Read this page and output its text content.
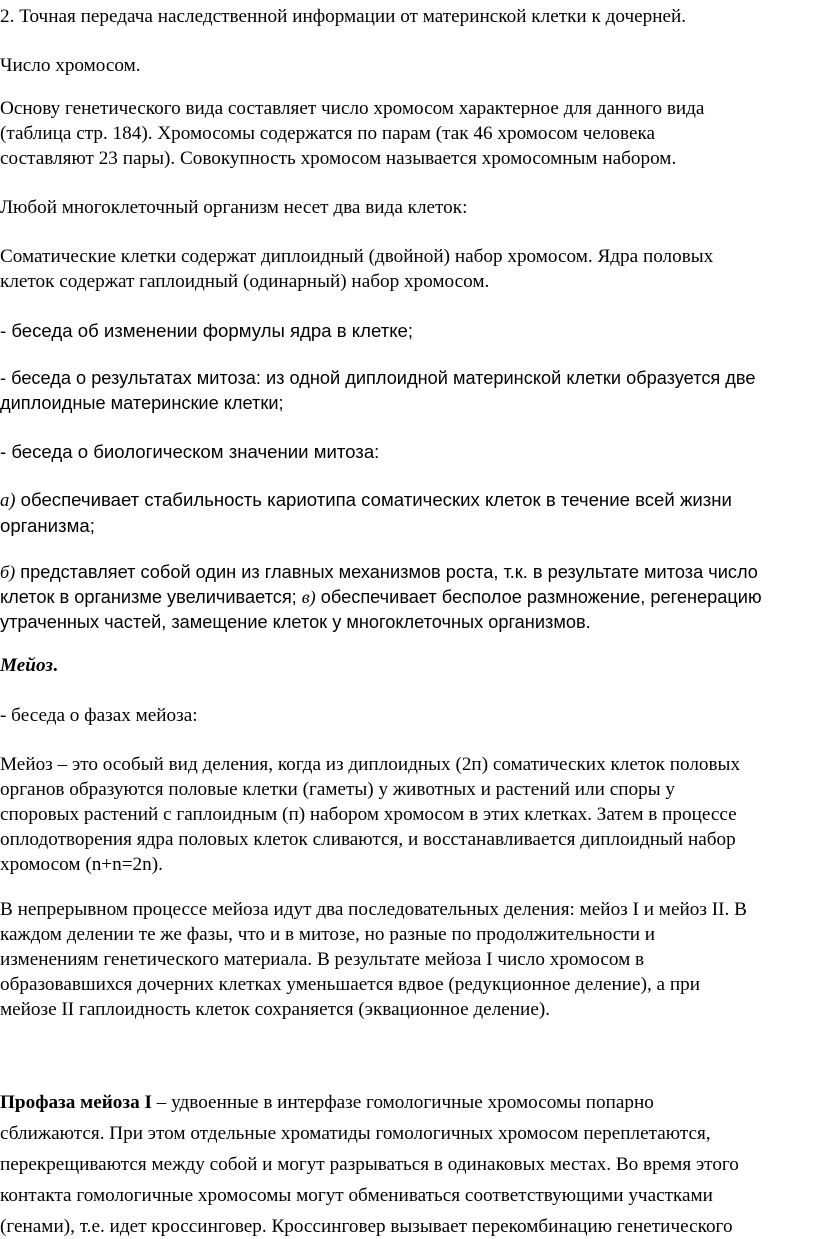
2. Точная передача наследственной информации от материнской клетки к дочерней.

Число хромосом.

Основу генетического вида составляет число хромосом характерное для данного вида
(таблица стр. 184). Хромосомы содержатся по парам (так 46 хромосом человека
составляют 23 пары). Совокупность хромосом называется хромосомным набором.

Любой многоклеточный организм несет два вида клеток:

Соматические клетки содержат диплоидный (двойной) набор хромосом. Ядра половых
клеток содержат гаплоидный (одинарный) набор хромосом.

- беседа об изменении формулы ядра в клетке;

- беседа о результатах митоза: из одной диплоидной материнской клетки образуется две
диплоидные материнские клетки;

- беседа о биологическом значении митоза:

а) обеспечивает стабильность кариотипа соматических клеток в течение всей жизни
организма;

б) представляет собой один из главных механизмов роста, т.к. в результате митоза число
клеток в организме увеличивается; в) обеспечивает бесполое размножение, регенерацию
утраченных частей, замещение клеток у многоклеточных организмов.

Мейоз.

- беседа о фазах мейоза:

Мейоз – это особый вид деления, когда из диплоидных (2п) соматических клеток половых
органов образуются половые клетки (гаметы) у животных и растений или споры у
споровых растений с гаплоидным (п) набором хромосом в этих клетках. Затем в процессе
оплодотворения ядра половых клеток сливаются, и восстанавливается диплоидный набор
хромосом (n+n=2n).

В непрерывном процессе мейоза идут два последовательных деления: мейоз I и мейоз II. В
каждом делении те же фазы, что и в митозе, но разные по продолжительности и
изменениям генетического материала. В результате мейоза I число хромосом в
образовавшихся дочерних клетках уменьшается вдвое (редукционное деление), а при
мейозе II гаплоидность клеток сохраняется (эквационное деление).

Профаза мейоза I – удвоенные в интерфазе гомологичные хромосомы попарно
сближаются. При этом отдельные хроматиды гомологичных хромосом переплетаются,
перекрещиваются между собой и могут разрываться в одинаковых местах. Во время этого
контакта гомологичные хромосомы могут обмениваться соответствующими участками
(генами), т.е. идет кроссинговер. Кроссинговер вызывает перекомбинацию генетического
